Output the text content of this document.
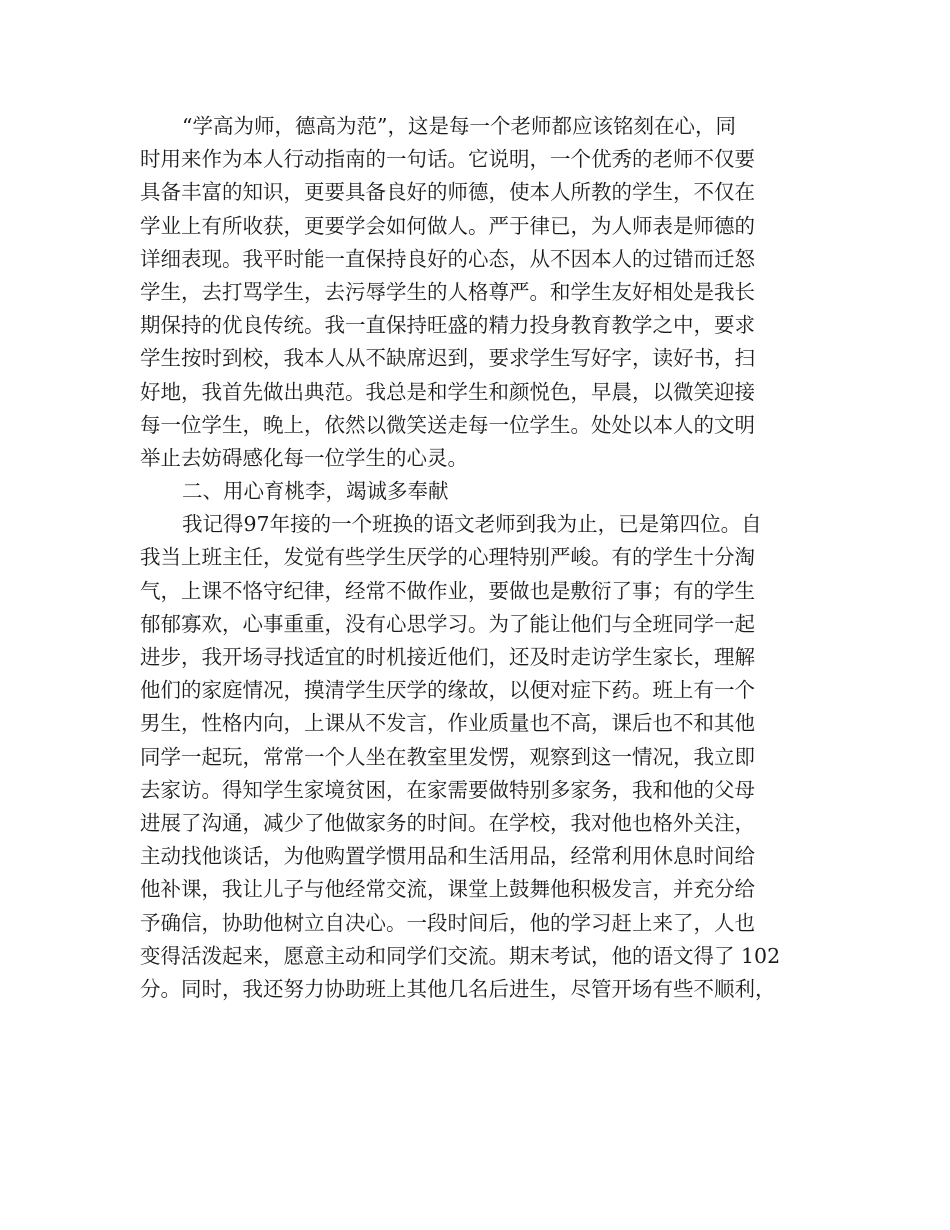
“学高为师，德高为范”，这是每一个老师都应该铭刻在心，同
时用来作为本人行动指南的一句话。它说明，一个优秀的老师不仅要
具备丰富的知识，更要具备良好的师德，使本人所教的学生，不仅在
学业上有所收获，更要学会如何做人。严于律已，为人师表是师德的
详细表现。我平时能一直保持良好的心态，从不因本人的过错而迁怒
学生，去打骂学生，去污辱学生的人格尊严。和学生友好相处是我长
期保持的优良传统。我一直保持旺盛的精力投身教育教学之中，要求
学生按时到校，我本人从不缺席迟到，要求学生写好字，读好书，扫
好地，我首先做出典范。我总是和学生和颜悦色，早晨，以微笑迎接
每一位学生，晚上，依然以微笑送走每一位学生。处处以本人的文明
举止去妨碍感化每一位学生的心灵。
二、用心育桃李，竭诚多奉献
我记得97年接的一个班换的语文老师到我为止，已是第四位。自
我当上班主任，发觉有些学生厌学的心理特别严峻。有的学生十分淘
气，上课不恪守纪律，经常不做作业，要做也是敷衍了事；有的学生
郁郁寡欢，心事重重，没有心思学习。为了能让他们与全班同学一起
进步，我开场寻找适宜的时机接近他们，还及时走访学生家长，理解
他们的家庭情况，摸清学生厌学的缘故，以便对症下药。班上有一个
男生，性格内向，上课从不发言，作业质量也不高，课后也不和其他
同学一起玩，常常一个人坐在教室里发愣，观察到这一情况，我立即
去家访。得知学生家境贫困，在家需要做特别多家务，我和他的父母
进展了沟通，减少了他做家务的时间。在学校，我对他也格外关注，
主动找他谈话，为他购置学惯用品和生活用品，经常利用休息时间给
他补课，我让儿子与他经常交流，课堂上鼓舞他积极发言，并充分给
予确信，协助他树立自决心。一段时间后，他的学习赶上来了，人也
变得活泼起来，愿意主动和同学们交流。期末考试，他的语文得了 102
分。同时，我还努力协助班上其他几名后进生，尽管开场有些不顺利，
